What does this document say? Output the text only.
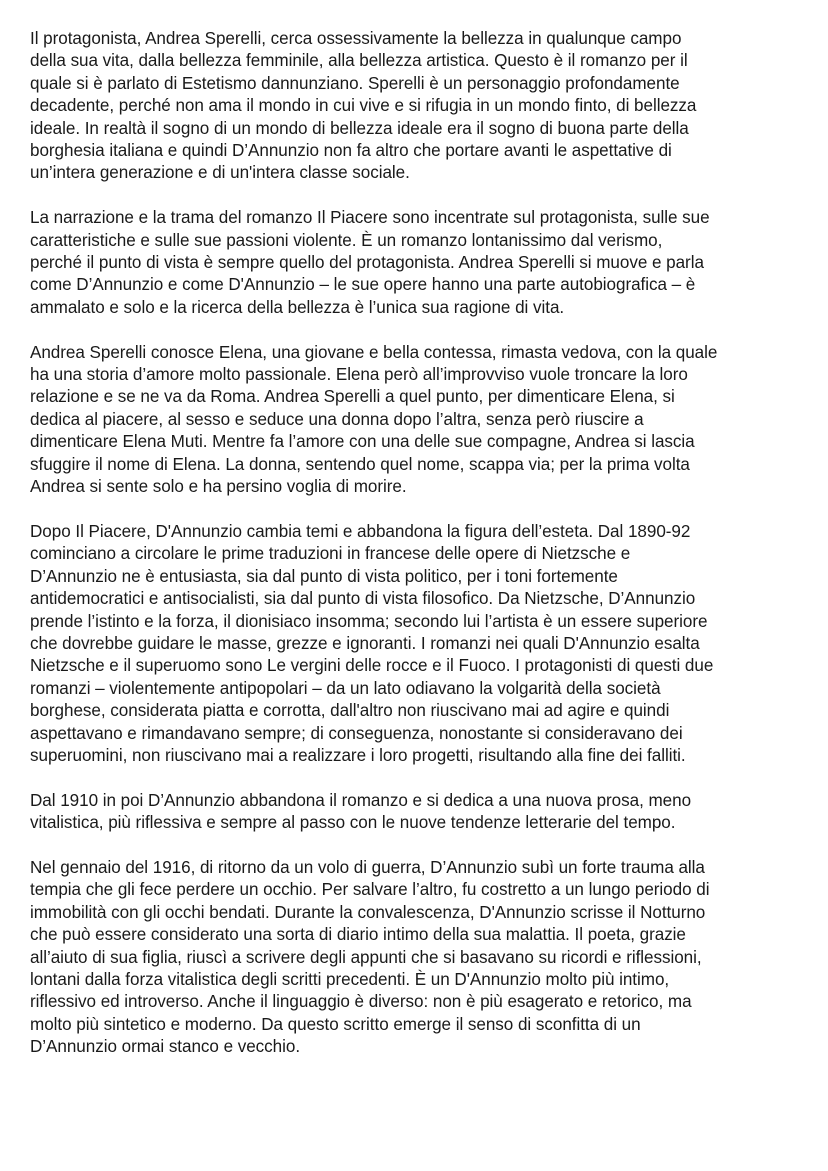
Il protagonista, Andrea Sperelli, cerca ossessivamente la bellezza in qualunque campo
della sua vita, dalla bellezza femminile, alla bellezza artistica. Questo è il romanzo per il
quale si è parlato di Estetismo dannunziano. Sperelli è un personaggio profondamente
decadente, perché non ama il mondo in cui vive e si rifugia in un mondo finto, di bellezza
ideale. In realtà il sogno di un mondo di bellezza ideale era il sogno di buona parte della
borghesia italiana e quindi D’Annunzio non fa altro che portare avanti le aspettative di
un’intera generazione e di un'intera classe sociale.

La narrazione e la trama del romanzo Il Piacere sono incentrate sul protagonista, sulle sue
caratteristiche e sulle sue passioni violente. È un romanzo lontanissimo dal verismo,
perché il punto di vista è sempre quello del protagonista. Andrea Sperelli si muove e parla
come D’Annunzio e come D'Annunzio – le sue opere hanno una parte autobiografica – è
ammalato e solo e la ricerca della bellezza è l’unica sua ragione di vita.

Andrea Sperelli conosce Elena, una giovane e bella contessa, rimasta vedova, con la quale
ha una storia d’amore molto passionale. Elena però all’improvviso vuole troncare la loro
relazione e se ne va da Roma. Andrea Sperelli a quel punto, per dimenticare Elena, si
dedica al piacere, al sesso e seduce una donna dopo l’altra, senza però riuscire a
dimenticare Elena Muti. Mentre fa l’amore con una delle sue compagne, Andrea si lascia
sfuggire il nome di Elena. La donna, sentendo quel nome, scappa via; per la prima volta
Andrea si sente solo e ha persino voglia di morire.

Dopo Il Piacere, D'Annunzio cambia temi e abbandona la figura dell’esteta. Dal 1890-92
cominciano a circolare le prime traduzioni in francese delle opere di Nietzsche e
D’Annunzio ne è entusiasta, sia dal punto di vista politico, per i toni fortemente
antidemocratici e antisocialisti, sia dal punto di vista filosofico. Da Nietzsche, D’Annunzio
prende l’istinto e la forza, il dionisiaco insomma; secondo lui l’artista è un essere superiore
che dovrebbe guidare le masse, grezze e ignoranti. I romanzi nei quali D'Annunzio esalta
Nietzsche e il superuomo sono Le vergini delle rocce e il Fuoco. I protagonisti di questi due
romanzi – violentemente antipopolari – da un lato odiavano la volgarità della società
borghese, considerata piatta e corrotta, dall'altro non riuscivano mai ad agire e quindi
aspettavano e rimandavano sempre; di conseguenza, nonostante si consideravano dei
superuomini, non riuscivano mai a realizzare i loro progetti, risultando alla fine dei falliti.

Dal 1910 in poi D’Annunzio abbandona il romanzo e si dedica a una nuova prosa, meno
vitalistica, più riflessiva e sempre al passo con le nuove tendenze letterarie del tempo.

Nel gennaio del 1916, di ritorno da un volo di guerra, D’Annunzio subì un forte trauma alla
tempia che gli fece perdere un occhio. Per salvare l’altro, fu costretto a un lungo periodo di
immobilità con gli occhi bendati. Durante la convalescenza, D'Annunzio scrisse il Notturno
che può essere considerato una sorta di diario intimo della sua malattia. Il poeta, grazie
all’aiuto di sua figlia, riuscì a scrivere degli appunti che si basavano su ricordi e riflessioni,
lontani dalla forza vitalistica degli scritti precedenti. È un D'Annunzio molto più intimo,
riflessivo ed introverso. Anche il linguaggio è diverso: non è più esagerato e retorico, ma
molto più sintetico e moderno. Da questo scritto emerge il senso di sconfitta di un
D’Annunzio ormai stanco e vecchio.
